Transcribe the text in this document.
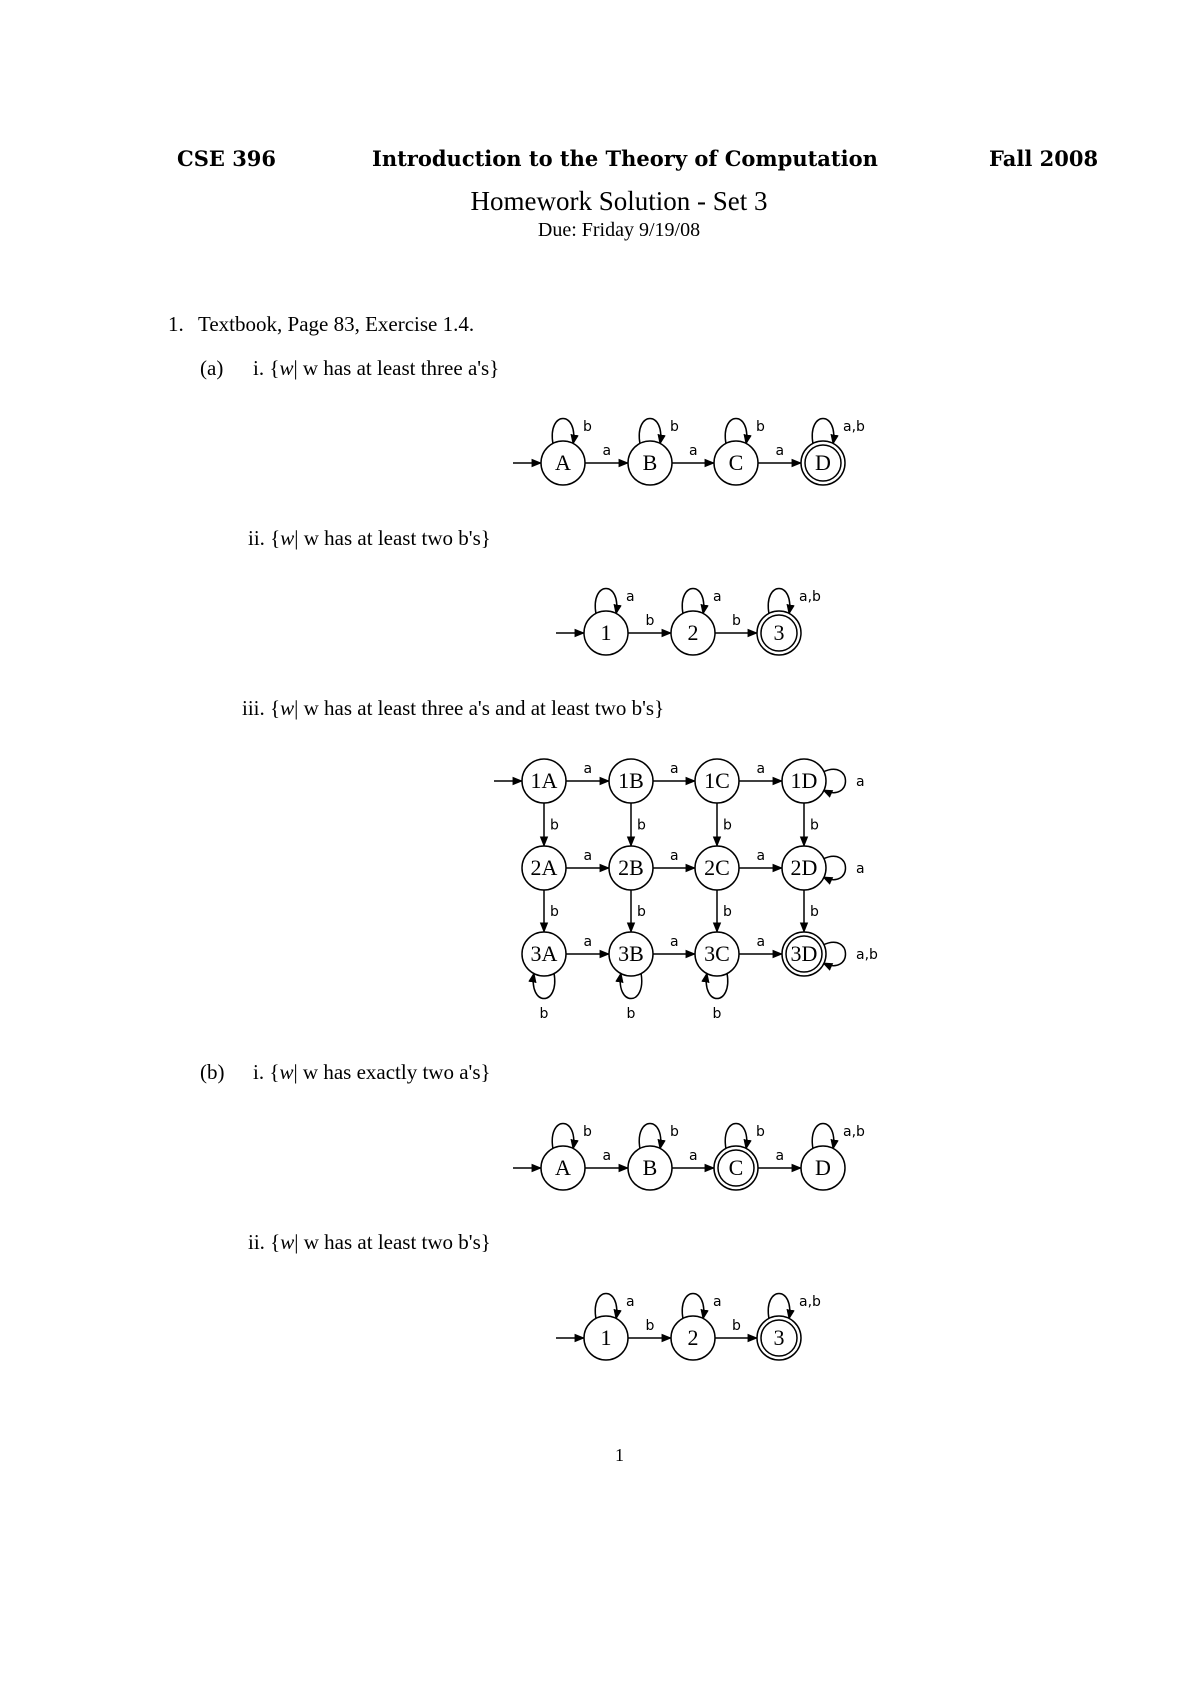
CSE 396	Introduction to the Theory of Computation	Fall 2008
Homework Solution - Set 3
Due: Friday 9/19/08
1. Textbook, Page 83, Exercise 1.4.
(a) i. {w| w has at least three a's}
b
a
b
a
b
a
a,b
A	B	C	D
ii. {w| w has at least two b's}
a
b
a
b
a,b
1	2	3
iii. {w| w has at least three a's and at least two b's}
a	a	a
a
a	a	a
a
a	a	a
a,b
b	b	b	b
b	b	b	b
b	b	b
1A	1B	1C	1D
2A	2B	2C	2D
3A	3B	3C	3D
(b) i. {w| w has exactly two a's}
b
a
b
a
b
a
a,b
A	B	C	D
ii. {w| w has at least two b's}
a
b
a
b
a,b
1	2	3
1
